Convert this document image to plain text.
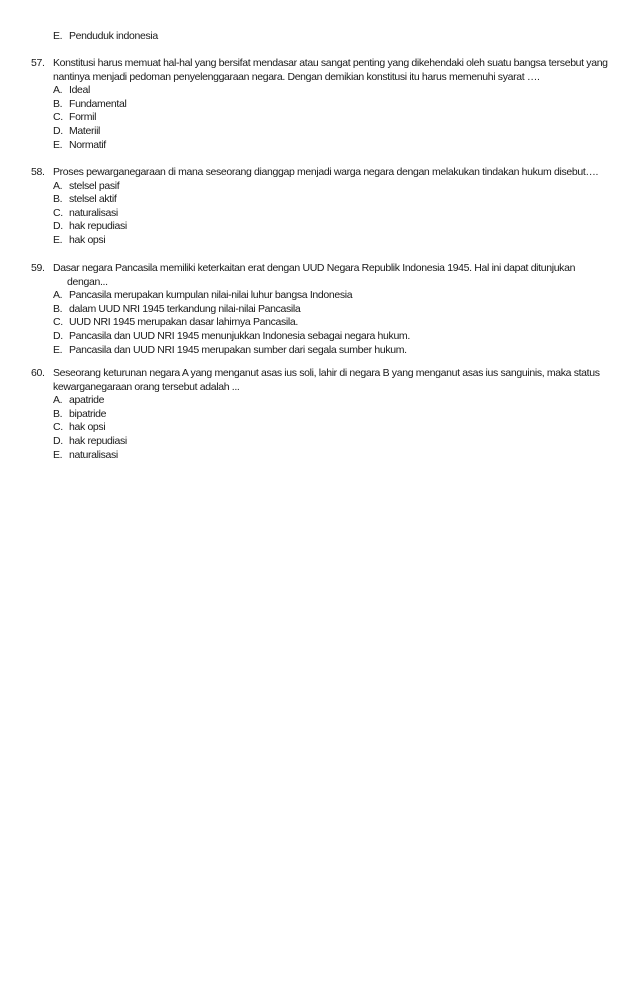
E. Penduduk indonesia
57. Konstitusi harus memuat hal-hal yang bersifat mendasar atau sangat penting yang dikehendaki oleh suatu bangsa tersebut yang nantinya menjadi pedoman penyelenggaraan negara. Dengan demikian konstitusi itu harus memenuhi syarat ….
A. Ideal
B. Fundamental
C. Formil
D. Materiil
E. Normatif
58. Proses pewarganegaraan di mana seseorang dianggap menjadi warga negara dengan melakukan tindakan hukum disebut….
A. stelsel pasif
B. stelsel aktif
C. naturalisasi
D. hak repudiasi
E. hak opsi
59. Dasar negara Pancasila memiliki keterkaitan erat dengan UUD Negara Republik Indonesia 1945. Hal ini dapat ditunjukan
dengan...
A. Pancasila merupakan kumpulan nilai-nilai luhur bangsa Indonesia
B. dalam UUD NRI 1945 terkandung nilai-nilai Pancasila
C. UUD NRI 1945 merupakan dasar lahirnya Pancasila.
D. Pancasila dan UUD NRI 1945 menunjukkan Indonesia sebagai negara hukum.
E. Pancasila dan UUD NRI 1945 merupakan sumber dari segala sumber hukum.
60. Seseorang keturunan negara A yang menganut asas ius soli, lahir di negara B yang menganut asas ius sanguinis, maka status kewarganegaraan orang tersebut adalah ...
A. apatride
B. bipatride
C. hak opsi
D. hak repudiasi
E. naturalisasi
